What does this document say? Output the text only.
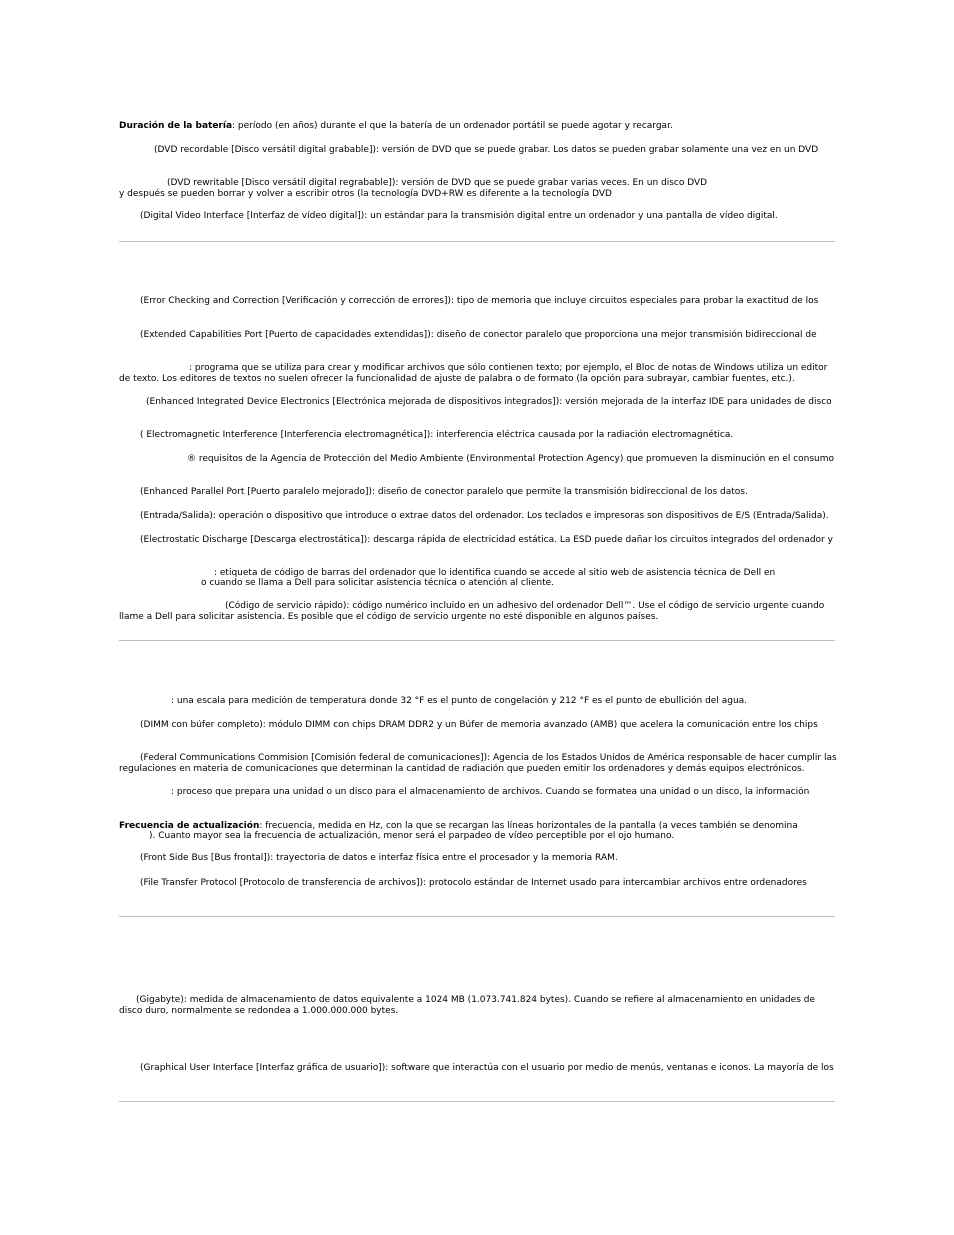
Duración de la batería: período (en años) durante el que la batería de un ordenador portátil se puede agotar y recargar.
(DVD recordable [Disco versátil digital grabable]): versión de DVD que se puede grabar. Los datos se pueden grabar solamente una vez en un DVD
(DVD rewritable [Disco versátil digital regrabable]): versión de DVD que se puede grabar varias veces. En un disco DVD
y después se pueden borrar y volver a escribir otros (la tecnología DVD+RW es diferente a la tecnología DVD
(Digital Video Interface [Interfaz de vídeo digital]): un estándar para la transmisión digital entre un ordenador y una pantalla de vídeo digital.
(Error Checking and Correction [Verificación y corrección de errores]): tipo de memoria que incluye circuitos especiales para probar la exactitud de los
(Extended Capabilities Port [Puerto de capacidades extendidas]): diseño de conector paralelo que proporciona una mejor transmisión bidireccional de
: programa que se utiliza para crear y modificar archivos que sólo contienen texto; por ejemplo, el Bloc de notas de Windows utiliza un editor
de texto. Los editores de textos no suelen ofrecer la funcionalidad de ajuste de palabra o de formato (la opción para subrayar, cambiar fuentes, etc.).
(Enhanced Integrated Device Electronics [Electrónica mejorada de dispositivos integrados]): versión mejorada de la interfaz IDE para unidades de disco
( Electromagnetic Interference [Interferencia electromagnética]): interferencia eléctrica causada por la radiación electromagnética.
® requisitos de la Agencia de Protección del Medio Ambiente (Environmental Protection Agency) que promueven la disminución en el consumo
(Enhanced Parallel Port [Puerto paralelo mejorado]): diseño de conector paralelo que permite la transmisión bidireccional de los datos.
(Entrada/Salida): operación o dispositivo que introduce o extrae datos del ordenador. Los teclados e impresoras son dispositivos de E/S (Entrada/Salida).
(Electrostatic Discharge [Descarga electrostática]): descarga rápida de electricidad estática. La ESD puede dañar los circuitos integrados del ordenador y
: etiqueta de código de barras del ordenador que lo identifica cuando se accede al sitio web de asistencia técnica de Dell en
o cuando se llama a Dell para solicitar asistencia técnica o atención al cliente.
(Código de servicio rápido): código numérico incluido en un adhesivo del ordenador Dell™. Use el código de servicio urgente cuando
llame a Dell para solicitar asistencia. Es posible que el código de servicio urgente no esté disponible en algunos países.
: una escala para medición de temperatura donde 32 °F es el punto de congelación y 212 °F es el punto de ebullición del agua.
(DIMM con búfer completo): módulo DIMM con chips DRAM DDR2 y un Búfer de memoria avanzado (AMB) que acelera la comunicación entre los chips
(Federal Communications Commision [Comisión federal de comunicaciones]): Agencia de los Estados Unidos de América responsable de hacer cumplir las
regulaciones en materia de comunicaciones que determinan la cantidad de radiación que pueden emitir los ordenadores y demás equipos electrónicos.
: proceso que prepara una unidad o un disco para el almacenamiento de archivos. Cuando se formatea una unidad o un disco, la información
Frecuencia de actualización: frecuencia, medida en Hz, con la que se recargan las líneas horizontales de la pantalla (a veces también se denomina
). Cuanto mayor sea la frecuencia de actualización, menor será el parpadeo de vídeo perceptible por el ojo humano.
(Front Side Bus [Bus frontal]): trayectoria de datos e interfaz física entre el procesador y la memoria RAM.
(File Transfer Protocol [Protocolo de transferencia de archivos]): protocolo estándar de Internet usado para intercambiar archivos entre ordenadores
(Gigabyte): medida de almacenamiento de datos equivalente a 1024 MB (1.073.741.824 bytes). Cuando se refiere al almacenamiento en unidades de
disco duro, normalmente se redondea a 1.000.000.000 bytes.
(Graphical User Interface [Interfaz gráfica de usuario]): software que interactúa con el usuario por medio de menús, ventanas e iconos. La mayoría de los
